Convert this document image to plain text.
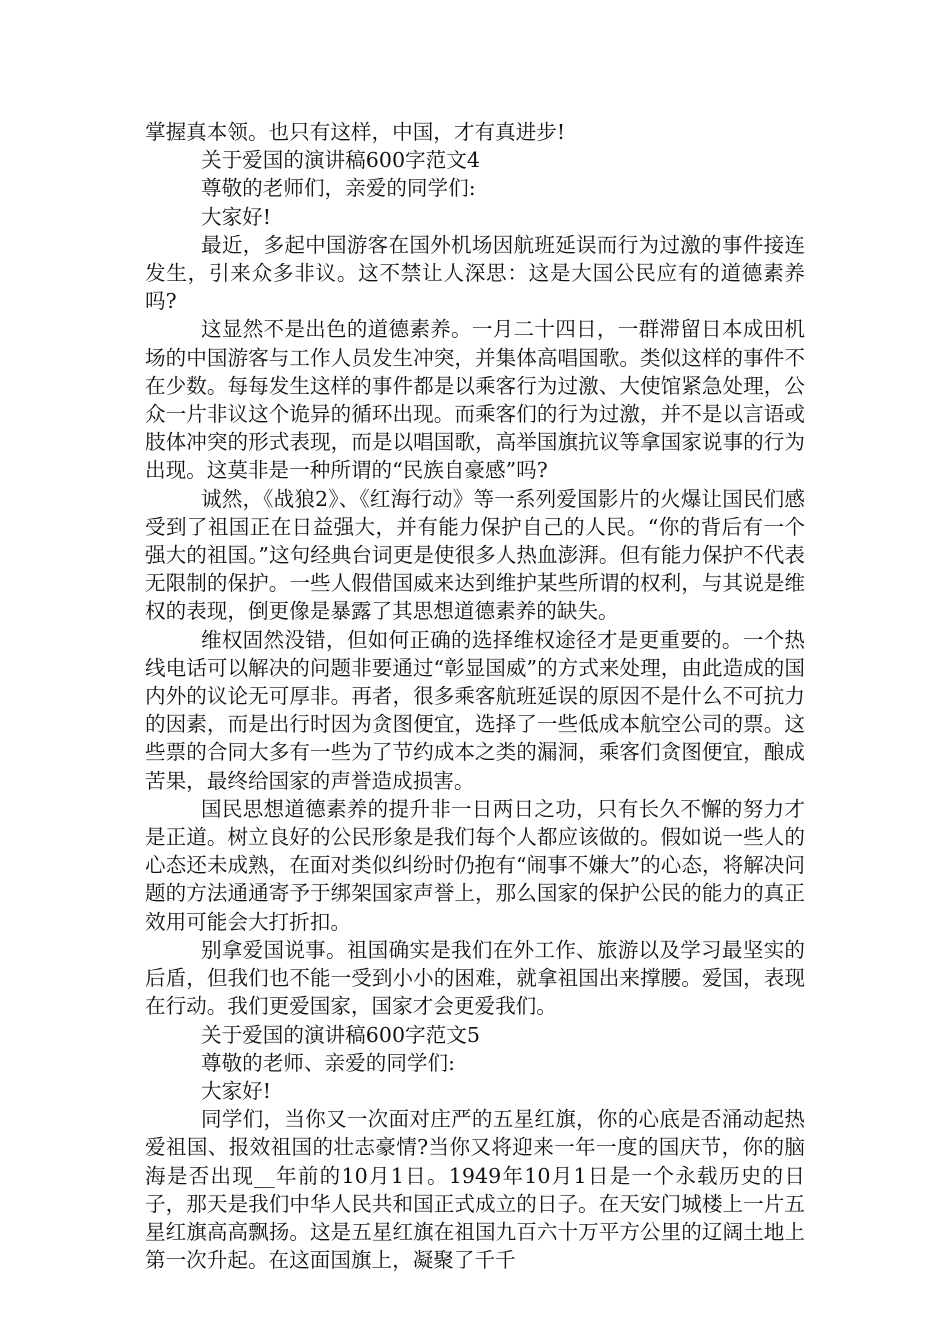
掌握真本领。也只有这样，中国，才有真进步!

关于爱国的演讲稿600字范文4

尊敬的老师们，亲爱的同学们:

大家好!

最近，多起中国游客在国外机场因航班延误而行为过激的事件接连发生，引来众多非议。这不禁让人深思：这是大国公民应有的道德素养吗?

这显然不是出色的道德素养。一月二十四日，一群滞留日本成田机场的中国游客与工作人员发生冲突，并集体高唱国歌。类似这样的事件不在少数。每每发生这样的事件都是以乘客行为过激、大使馆紧急处理，公众一片非议这个诡异的循环出现。而乘客们的行为过激，并不是以言语或肢体冲突的形式表现，而是以唱国歌，高举国旗抗议等拿国家说事的行为出现。这莫非是一种所谓的“民族自豪感”吗?

诚然，《战狼2》、《红海行动》等一系列爱国影片的火爆让国民们感受到了祖国正在日益强大，并有能力保护自己的人民。“你的背后有一个强大的祖国。”这句经典台词更是使很多人热血澎湃。但有能力保护不代表无限制的保护。一些人假借国威来达到维护某些所谓的权利，与其说是维权的表现，倒更像是暴露了其思想道德素养的缺失。

维权固然没错，但如何正确的选择维权途径才是更重要的。一个热线电话可以解决的问题非要通过“彰显国威”的方式来处理，由此造成的国内外的议论无可厚非。再者，很多乘客航班延误的原因不是什么不可抗力的因素，而是出行时因为贪图便宜，选择了一些低成本航空公司的票。这些票的合同大多有一些为了节约成本之类的漏洞，乘客们贪图便宜，酿成苦果，最终给国家的声誉造成损害。

国民思想道德素养的提升非一日两日之功，只有长久不懈的努力才是正道。树立良好的公民形象是我们每个人都应该做的。假如说一些人的心态还未成熟，在面对类似纠纷时仍抱有“闹事不嫌大”的心态，将解决问题的方法通通寄予于绑架国家声誉上，那么国家的保护公民的能力的真正效用可能会大打折扣。

别拿爱国说事。祖国确实是我们在外工作、旅游以及学习最坚实的后盾，但我们也不能一受到小小的困难，就拿祖国出来撑腰。爱国，表现在行动。我们更爱国家，国家才会更爱我们。

关于爱国的演讲稿600字范文5

尊敬的老师、亲爱的同学们:

大家好!

同学们，当你又一次面对庄严的五星红旗，你的心底是否涌动起热爱祖国、报效祖国的壮志豪情?当你又将迎来一年一度的国庆节，你的脑海是否出现__年前的10月1日。1949年10月1日是一个永载历史的日子，那天是我们中华人民共和国正式成立的日子。在天安门城楼上一片五星红旗高高飘扬。这是五星红旗在祖国九百六十万平方公里的辽阔土地上第一次升起。在这面国旗上，凝聚了千千
